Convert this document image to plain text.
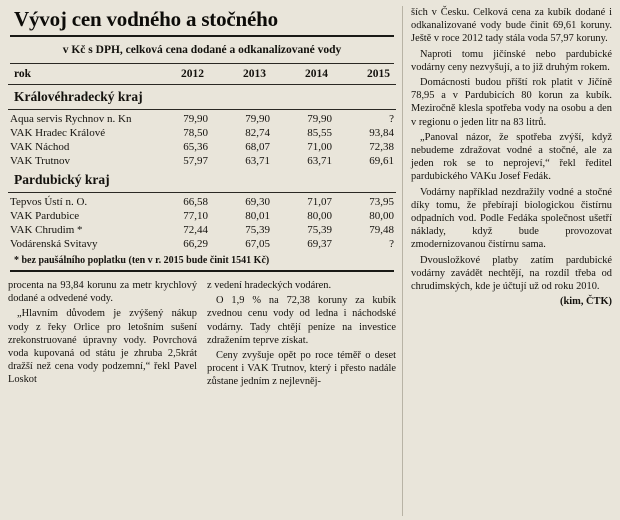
Vývoj cen vodného a stočného
v Kč s DPH, celková cena dodané a odkanalizované vody
rok	2012	2013	2014	2015

Královéhradecký kraj				

Aqua servis Rychnov n. Kn	79,90	79,90	79,90	?
VAK Hradec Králové	78,50	82,74	85,55	93,84
VAK Náchod	65,36	68,07	71,00	72,38
VAK Trutnov	57,97	63,71	63,71	69,61
Pardubický kraj				

Tepvos Ústí n. O.	66,58	69,30	71,07	73,95
VAK Pardubice	77,10	80,01	80,00	80,00
VAK Chrudim *	72,44	75,39	75,39	79,48
Vodárenská Svitavy	66,29	67,05	69,37	?
* bez paušálního poplatku (ten v r. 2015 bude činit 1541 Kč)

procenta na 93,84 korunu za metr krychlový dodané a odvedené vody.

„Hlavním důvodem je zvýšený nákup vody z řeky Orlice pro letošním sušení zrekonstruované úpravny vody. Povrchová voda kupovaná od státu je zhruba 2,5krát dražší než cena vody podzemní,“ řekl Pavel Loskot

z vedení hradeckých vodáren.

O 1,9 % na 72,38 koruny za kubík zvednou cenu vody od ledna i náchodské vodárny. Tady chtějí peníze na investice zdražením teprve získat.

Ceny zvyšuje opět po roce téměř o deset procent i VAK Trutnov, který i přesto nadále zůstane jedním z nejlevněj-

ších v Česku. Celková cena za kubík dodané i odkanalizované vody bude činit 69,61 koruny. Ještě v roce 2012 tady stála voda 57,97 koruny.

Naproti tomu jičínské nebo pardubické vodárny ceny nezvyšují, a to již druhým rokem.

Domácnosti budou příští rok platit v Jičíně 78,95 a v Pardubicích 80 korun za kubík. Meziročně klesla spotřeba vody na osobu a den v regionu o jeden litr na 83 litrů.

„Panoval názor, že spotřeba zvýší, když nebudeme zdražovat vodné a stočné, ale za jeden rok se to neprojeví,“ řekl ředitel pardubického VAKu Josef Fedák.

Vodárny například nezdražily vodné a stočné díky tomu, že přebírají biologickou čistírnu odpadních vod. Podle Fedáka společnost ušetří náklady, když bude provozovat zmodernizovanou čistírnu sama.

Dvousložkové platby zatím pardubické vodárny zavádět nechtějí, na rozdíl třeba od chrudimských, kde je účtují už od roku 2010.

(kim, ČTK)
